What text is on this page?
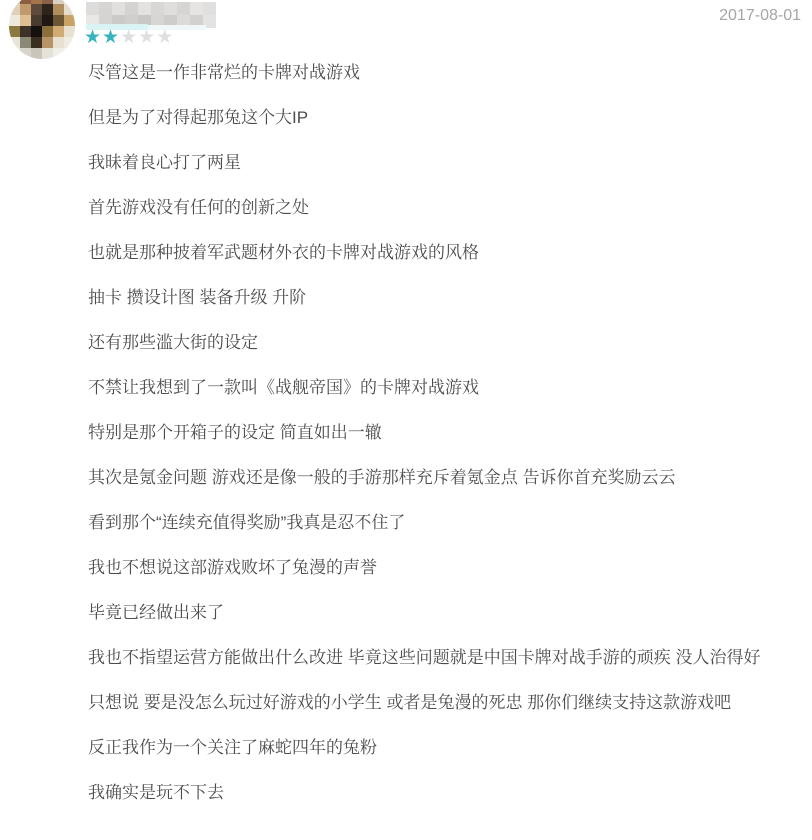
★★★★★
2017-08-01

尽管这是一作非常烂的卡牌对战游戏

但是为了对得起那兔这个大IP

我昧着良心打了两星

首先游戏没有任何的创新之处

也就是那种披着军武题材外衣的卡牌对战游戏的风格

抽卡 攒设计图 装备升级 升阶

还有那些滥大街的设定

不禁让我想到了一款叫《战舰帝国》的卡牌对战游戏

特别是那个开箱子的设定 简直如出一辙

其次是氪金问题 游戏还是像一般的手游那样充斥着氪金点 告诉你首充奖励云云

看到那个“连续充值得奖励”我真是忍不住了

我也不想说这部游戏败坏了兔漫的声誉

毕竟已经做出来了

我也不指望运营方能做出什么改进 毕竟这些问题就是中国卡牌对战手游的顽疾 没人治得好

只想说 要是没怎么玩过好游戏的小学生 或者是兔漫的死忠 那你们继续支持这款游戏吧

反正我作为一个关注了麻蛇四年的兔粉

我确实是玩不下去
